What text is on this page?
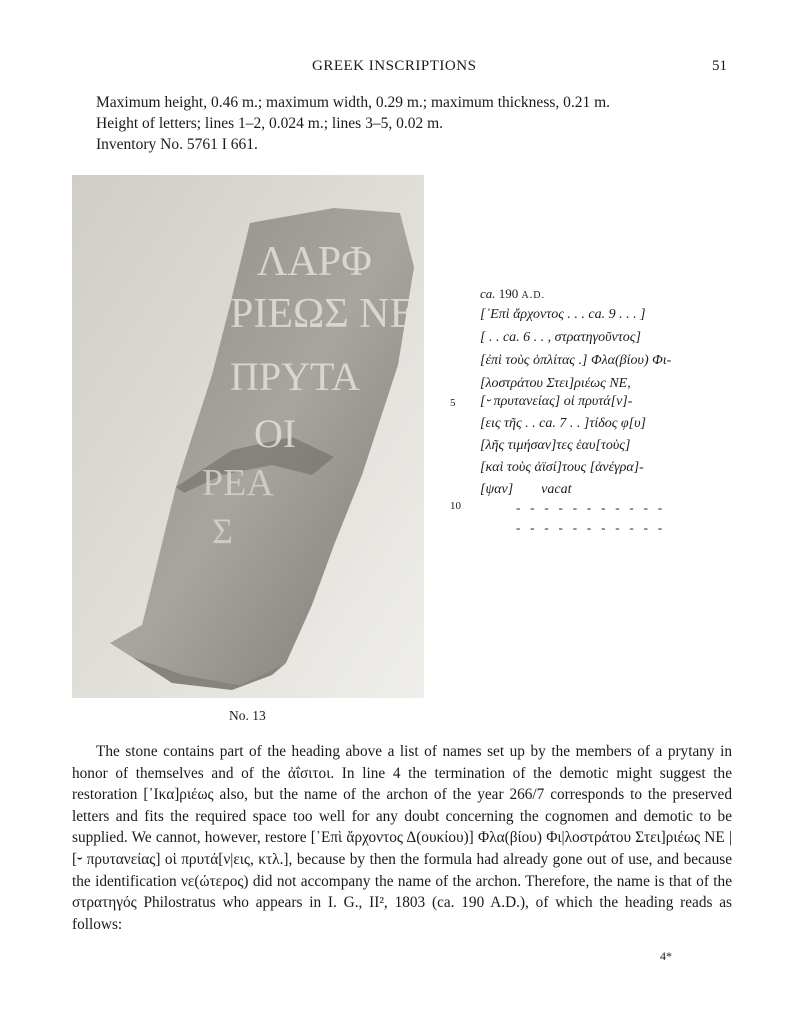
GREEK INSCRIPTIONS	51
Maximum height, 0.46 m.; maximum width, 0.29 m.; maximum thickness, 0.21 m.
Height of letters; lines 1–2, 0.024 m.; lines 3–5, 0.02 m.
Inventory No. 5761 I 661.
ΛΑΡΦ
ΡΙΕΩΣ ΝΕ
ΠΡΥΤΑ
ΟΙ
ΡΕΑ
Σ
No. 13
ca. 190 A.D.
[᾽Επὶ ἄρχοντος . . . ca. 9 . . . ]
[ . . ca. 6 . . , στρατηγοῦντος]
[ἐπὶ τοὺς ὁπλίτας .] Φλα(βίου) Φι-
[λοστράτου Στει]ριέως ΝΕ,
5 [⏑ πρυτανείας] οἱ πρυτά[ν]-
[εις τῆς . . ca. 7 . . ]τίδος φ[υ]
[λῆς τιμήσαν]τες ἑαυ[τοὺς]
[καὶ τοὺς ἀϊσί]τους [ἀνέγρα]-
[ψαν]        vacat
10	- - - - - - - - - - -
- - - - - - - - - - -

The stone contains part of the heading above a list of names set up by the members of a prytany in honor of themselves and of the ἀΐσιτοι. In line 4 the termination of the demotic might suggest the restoration [᾽Ικα]ριέως also, but the name of the archon of the year 266/7 corresponds to the preserved letters and fits the required space too well for any doubt concerning the cognomen and demotic to be supplied. We cannot, however, restore [᾽Επὶ ἄρχοντος Δ(ουκίου)] Φλα(βίου) Φι|λοστράτου Στει]ριέως ΝΕ | [⏑ πρυτανείας] οἱ πρυτά[ν|εις, κτλ.], because by then the formula had already gone out of use, and because the identification νε(ώτερος) did not accompany the name of the archon. Therefore, the name is that of the στρατηγός Philostratus who appears in I. G., II², 1803 (ca. 190 A.D.), of which the heading reads as follows:

4*
